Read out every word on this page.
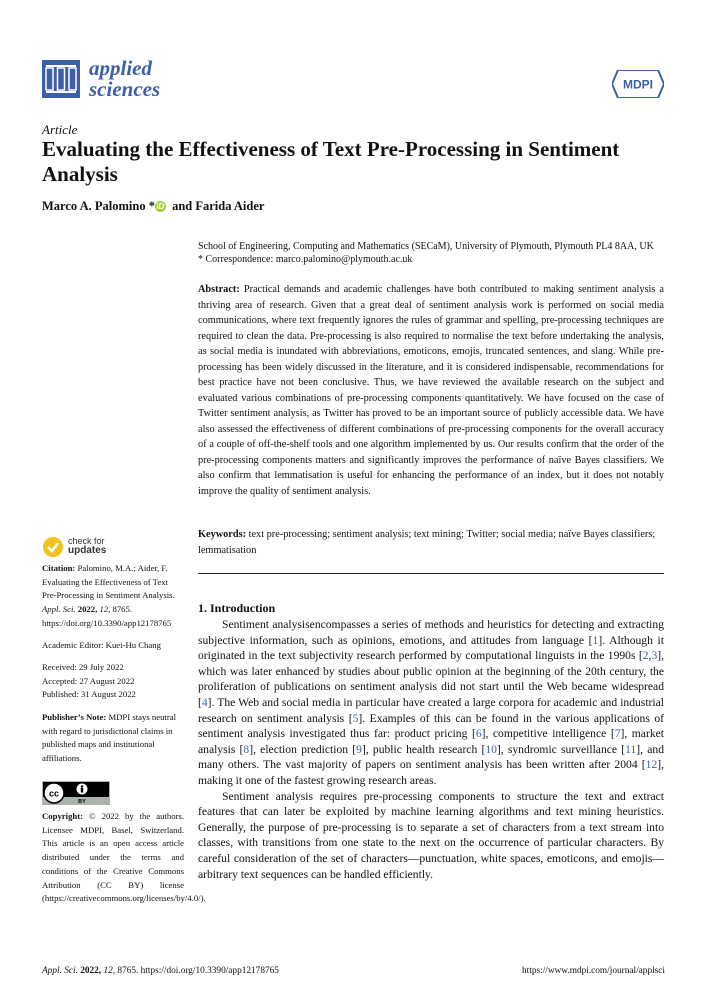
applied
sciences	MDPI
Article
Evaluating the Effectiveness of Text Pre-Processing in Sentiment Analysis
Marco A. Palomino * iD and Farida Aider
School of Engineering, Computing and Mathematics (SECaM), University of Plymouth, Plymouth PL4 8AA, UK
* Correspondence: marco.palomino@plymouth.ac.uk
Abstract: Practical demands and academic challenges have both contributed to making sentiment analysis a thriving area of research. Given that a great deal of sentiment analysis work is performed on social media communications, where text frequently ignores the rules of grammar and spelling, pre-processing techniques are required to clean the data. Pre-processing is also required to normalise the text before undertaking the analysis, as social media is inundated with abbreviations, emoticons, emojis, truncated sentences, and slang. While pre-processing has been widely discussed in the literature, and it is considered indispensable, recommendations for best practice have not been conclusive. Thus, we have reviewed the available research on the subject and evaluated various combinations of pre-processing components quantitatively. We have focused on the case of Twitter sentiment analysis, as Twitter has proved to be an important source of publicly accessible data. We have also assessed the effectiveness of different combinations of pre-processing components for the overall accuracy of a couple of off-the-shelf tools and one algorithm implemented by us. Our results confirm that the order of the pre-processing components matters and significantly improves the performance of naïve Bayes classifiers. We also confirm that lemmatisation is useful for enhancing the performance of an index, but it does not notably improve the quality of sentiment analysis.
Keywords: text pre-processing; sentiment analysis; text mining; Twitter; social media; naïve Bayes classifiers; lemmatisation
1. Introduction

Sentiment analysisencompasses a series of methods and heuristics for detecting and extracting subjective information, such as opinions, emotions, and attitudes from language [1]. Although it originated in the text subjectivity research performed by computational linguists in the 1990s [2,3], which was later enhanced by studies about public opinion at the beginning of the 20th century, the proliferation of publications on sentiment analysis did not start until the Web became widespread [4]. The Web and social media in particular have created a large corpora for academic and industrial research on sentiment analysis [5]. Examples of this can be found in the various applications of sentiment analysis investigated thus far: product pricing [6], competitive intelligence [7], market analysis [8], election prediction [9], public health research [10], syndromic surveillance [11], and many others. The vast majority of papers on sentiment analysis has been written after 2004 [12], making it one of the fastest growing research areas.

Sentiment analysis requires pre-processing components to structure the text and extract features that can later be exploited by machine learning algorithms and text mining heuristics. Generally, the purpose of pre-processing is to separate a set of characters from a text stream into classes, with transitions from one state to the next on the occurrence of particular characters. By careful consideration of the set of characters—punctuation, white spaces, emoticons, and emojis—arbitrary text sequences can be handled efficiently.

check for
updates
Citation: Palomino, M.A.; Aider, F. Evaluating the Effectiveness of Text Pre-Processing in Sentiment Analysis. Appl. Sci. 2022, 12, 8765. https://doi.org/10.3390/app12178765
Academic Editor: Kuei-Hu Chang
Received: 29 July 2022
Accepted: 27 August 2022
Published: 31 August 2022
Publisher’s Note: MDPI stays neutral with regard to jurisdictional claims in published maps and institutional affiliations.
cc
BY
Copyright: © 2022 by the authors. Licensee MDPI, Basel, Switzerland. This article is an open access article distributed under the terms and conditions of the Creative Commons Attribution (CC BY) license (https://creativecommons.org/licenses/by/4.0/).
Appl. Sci. 2022, 12, 8765. https://doi.org/10.3390/app12178765	https://www.mdpi.com/journal/applsci
